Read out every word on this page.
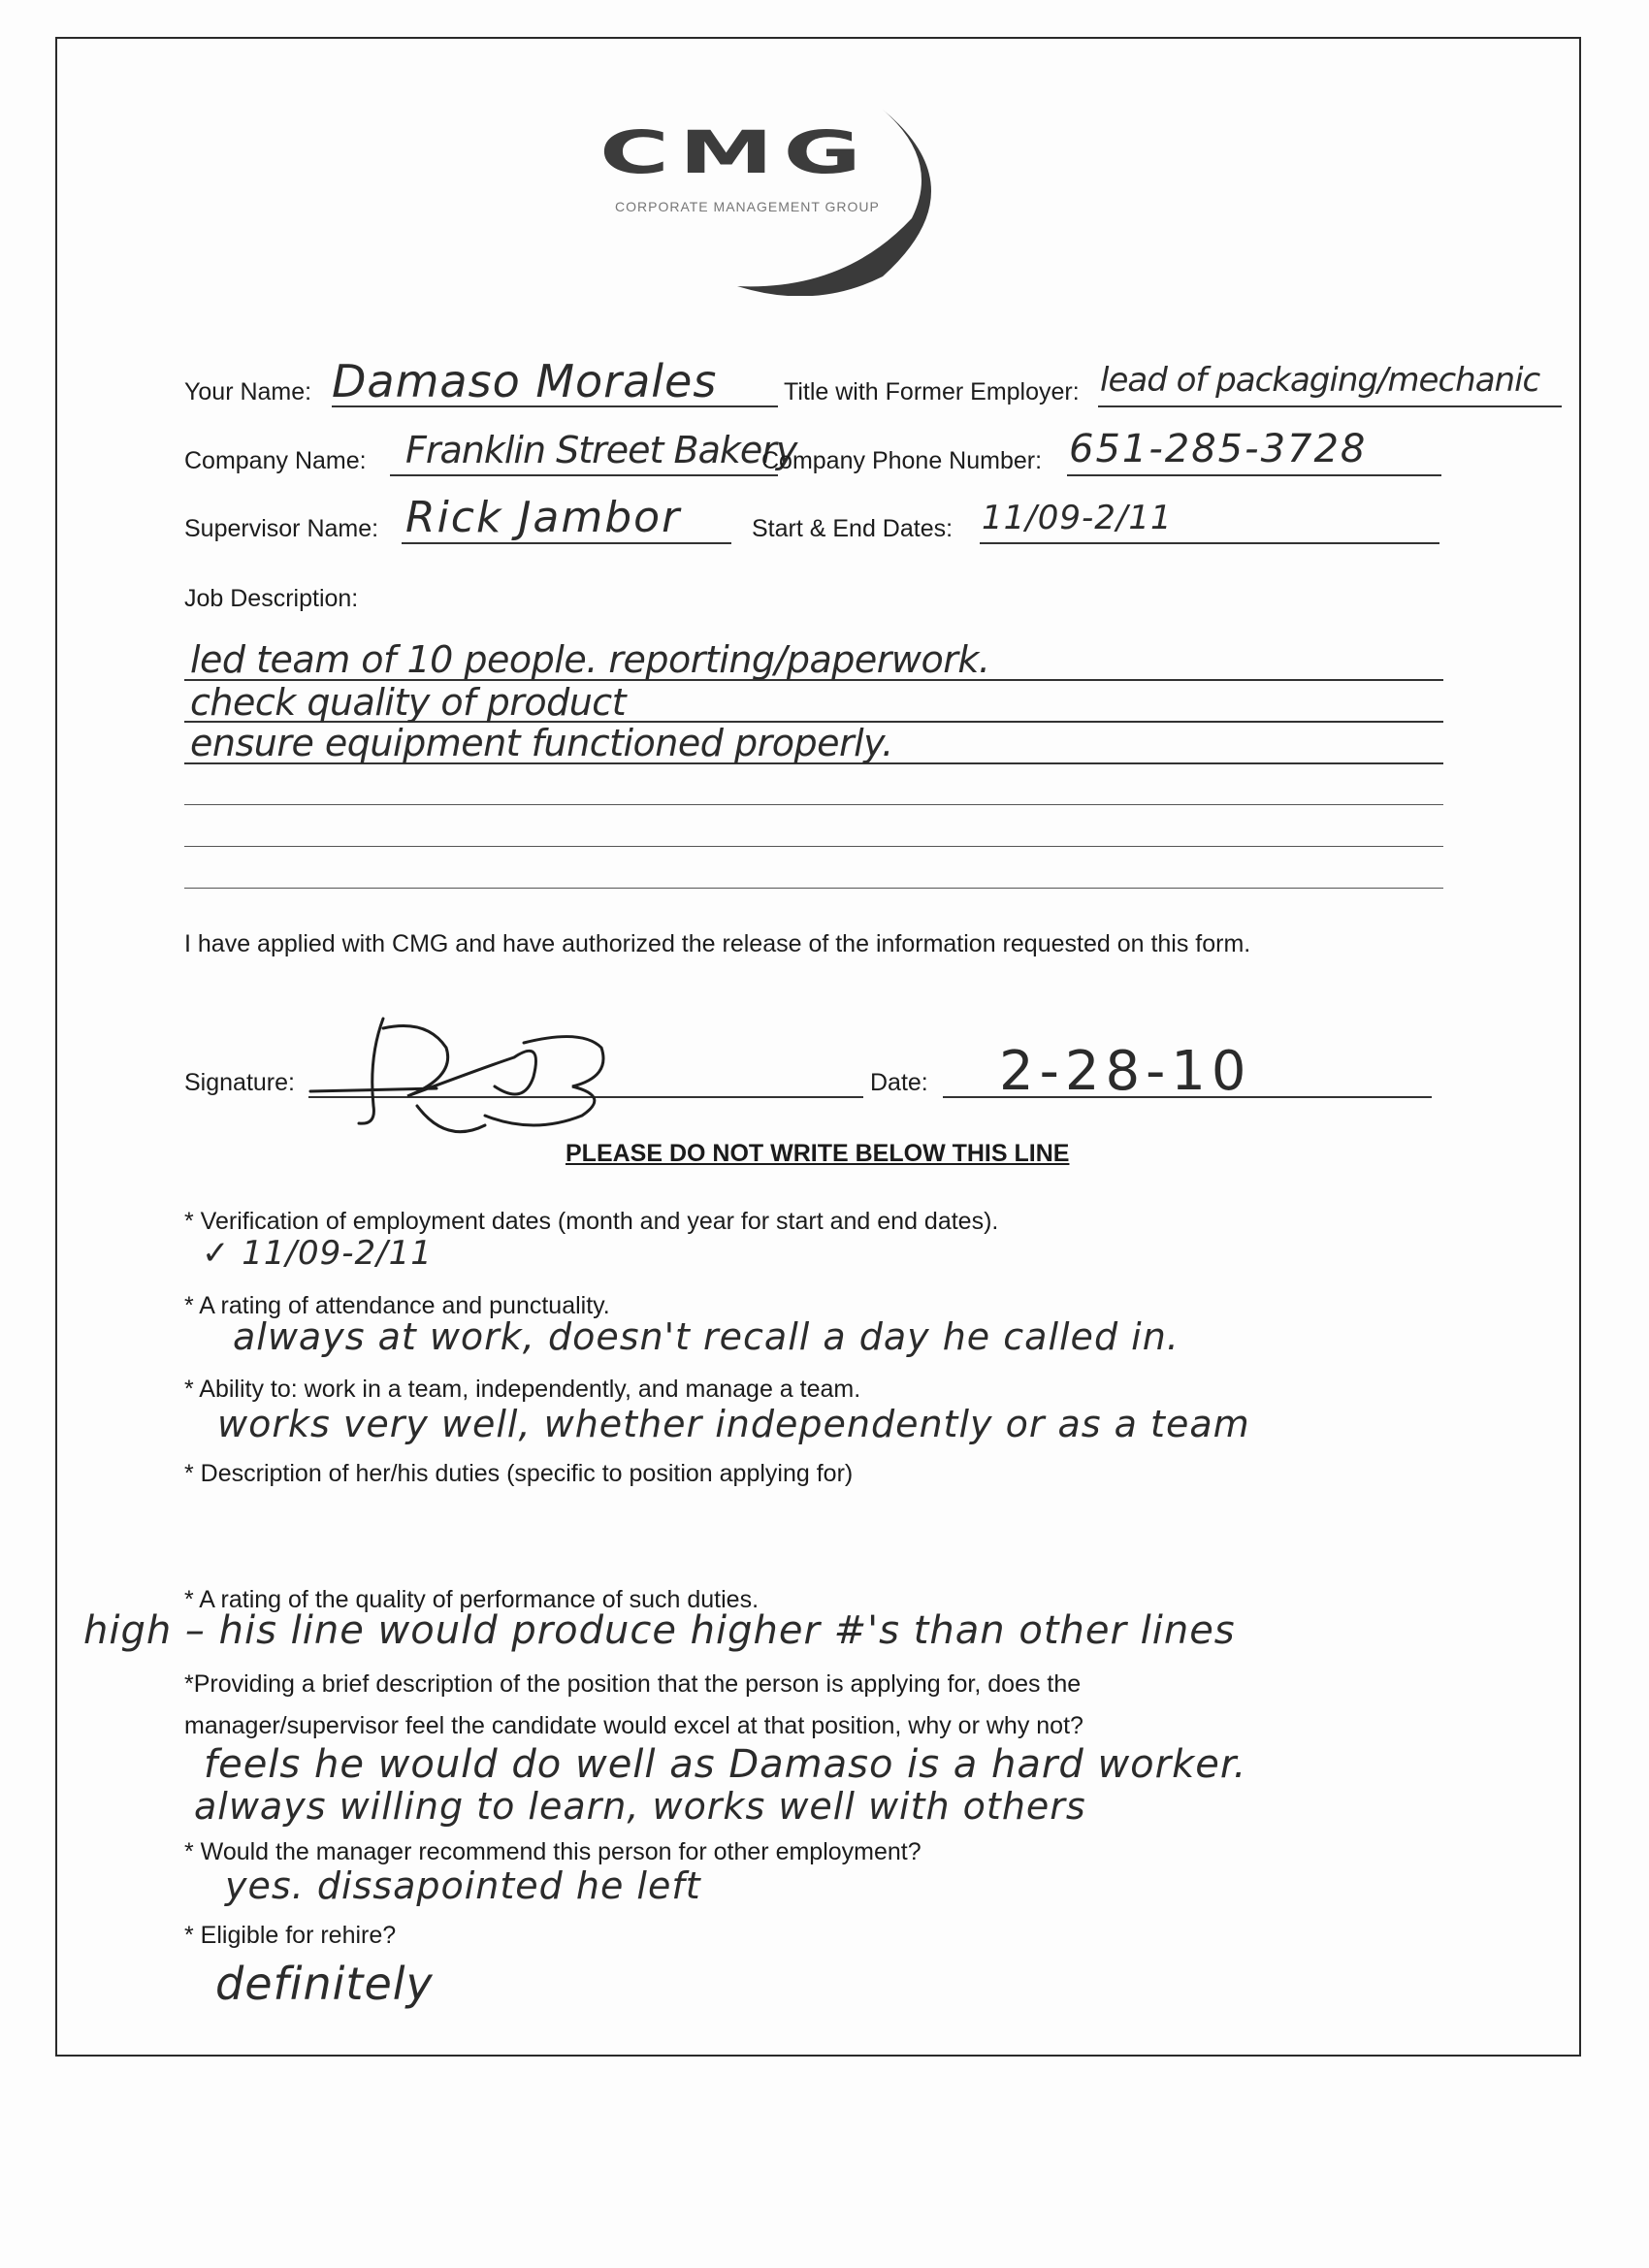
CMG
CORPORATE MANAGEMENT GROUP
Your Name: Damaso Morales	Title with Former Employer: lead of packaging/mechanic
Company Name: Franklin Street Bakery
Company Phone Number: 651-285-3728
Supervisor Name: Rick Jambor	Start & End Dates: 11/09-2/11
Job Description:
led team of 10 people. reporting/paperwork.
check quality of product
ensure equipment functioned properly.
I have applied with CMG and have authorized the release of the information requested on this form.
Signature:	Date: 2-28-10
PLEASE DO NOT WRITE BELOW THIS LINE
* Verification of employment dates (month and year for start and end dates).
✓ 11/09-2/11
* A rating of attendance and punctuality.
always at work, doesn't recall a day he called in.
* Ability to: work in a team, independently, and manage a team.
works very well, whether independently or as a team
* Description of her/his duties (specific to position applying for)
* A rating of the quality of performance of such duties.
high – his line would produce higher #'s than other lines
*Providing a brief description of the position that the person is applying for, does the
manager/supervisor feel the candidate would excel at that position, why or why not?
feels he would do well as Damaso is a hard worker.
always willing to learn, works well with others
* Would the manager recommend this person for other employment?
yes. dissapointed he left
* Eligible for rehire?
definitely
